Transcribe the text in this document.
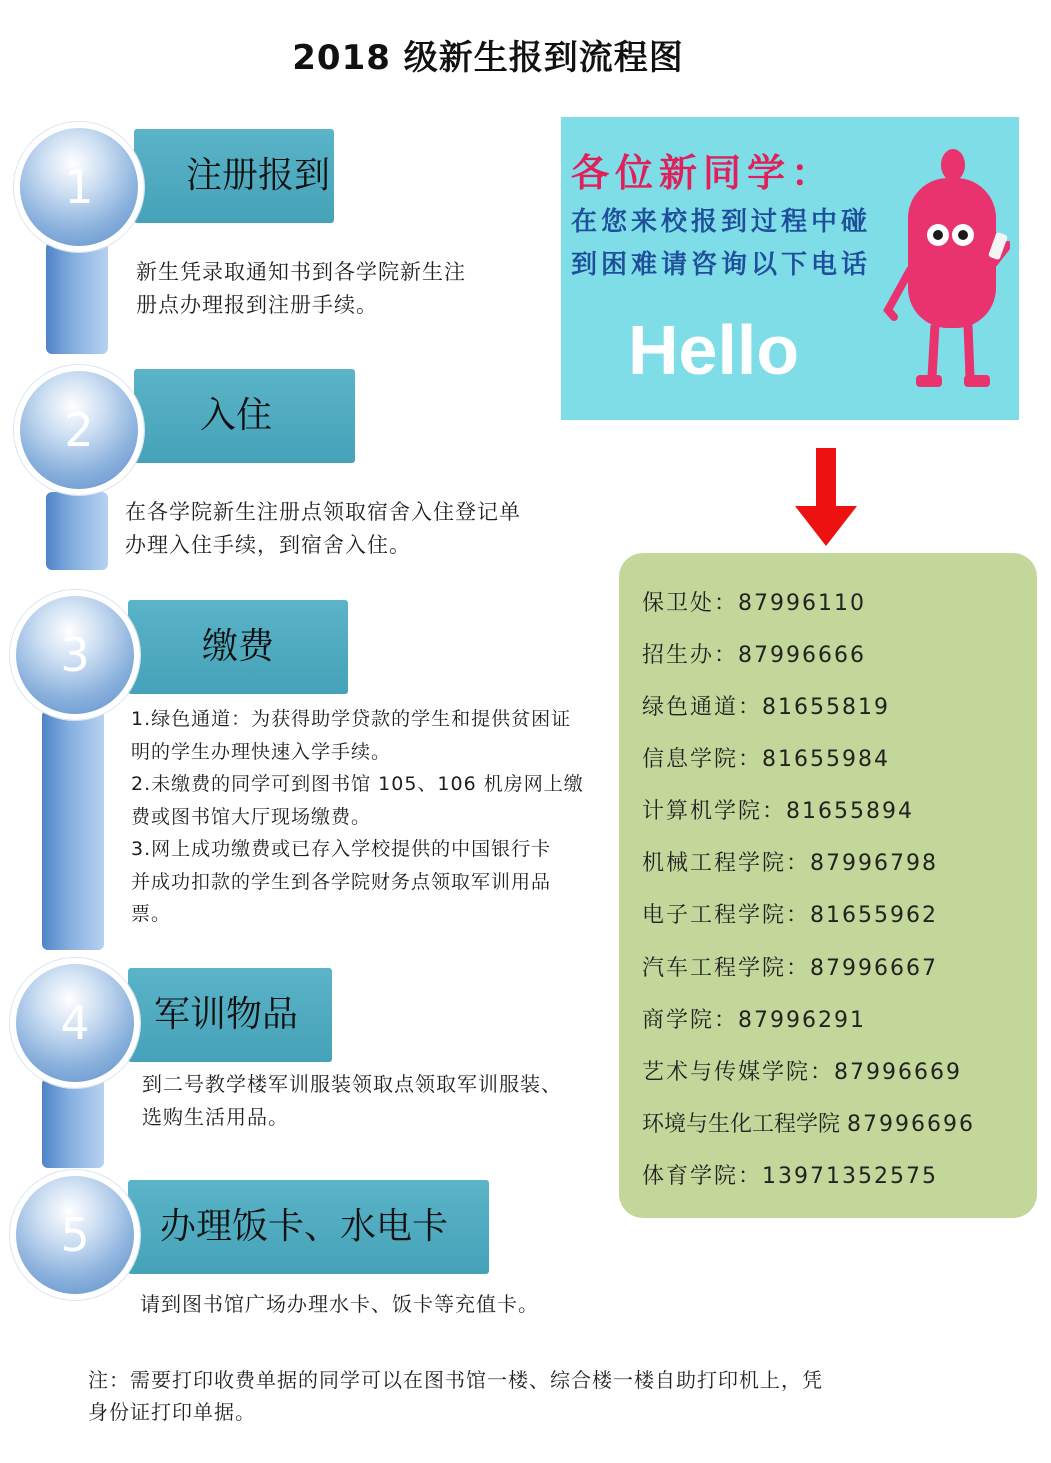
2018 级新生报到流程图
注册报到
1
新生凭录取通知书到各学院新生注
册点办理报到注册手续。
入住
2
在各学院新生注册点领取宿舍入住登记单
办理入住手续，到宿舍入住。
缴费
3
1.绿色通道：为获得助学贷款的学生和提供贫困证
明的学生办理快速入学手续。
2.未缴费的同学可到图书馆 105、106 机房网上缴
费或图书馆大厅现场缴费。
3.网上成功缴费或已存入学校提供的中国银行卡
并成功扣款的学生到各学院财务点领取军训用品
票。
军训物品
4
到二号教学楼军训服装领取点领取军训服装、
选购生活用品。
办理饭卡、水电卡
5
请到图书馆广场办理水卡、饭卡等充值卡。
各位新同学：
在您来校报到过程中碰
到困难请咨询以下电话
Hello
保卫处：87996110
招生办：87996666
绿色通道：81655819
信息学院：81655984
计算机学院：81655894
机械工程学院：87996798
电子工程学院：81655962
汽车工程学院：87996667
商学院：87996291
艺术与传媒学院：87996669
环境与生化工程学院 87996696
体育学院：13971352575
注：需要打印收费单据的同学可以在图书馆一楼、综合楼一楼自助打印机上，凭
身份证打印单据。
